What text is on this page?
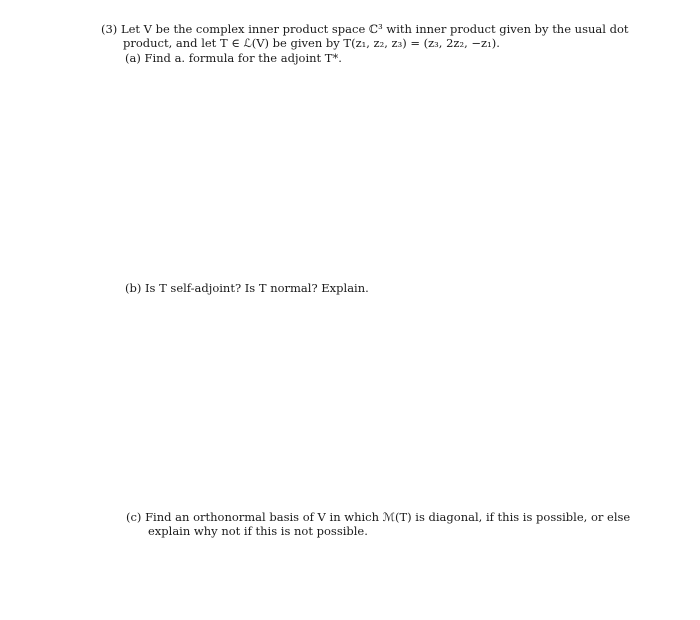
(3) Let V be the complex inner product space ℂ³ with inner product given by the usual dot
product, and let T ∈ ℒ(V) be given by T(z₁, z₂, z₃) = (z₃, 2z₂, −z₁).
(a) Find a. formula for the adjoint T*.
(b) Is T self-adjoint? Is T normal? Explain.
(c) Find an orthonormal basis of V in which ℳ(T) is diagonal, if this is possible, or else
explain why not if this is not possible.
